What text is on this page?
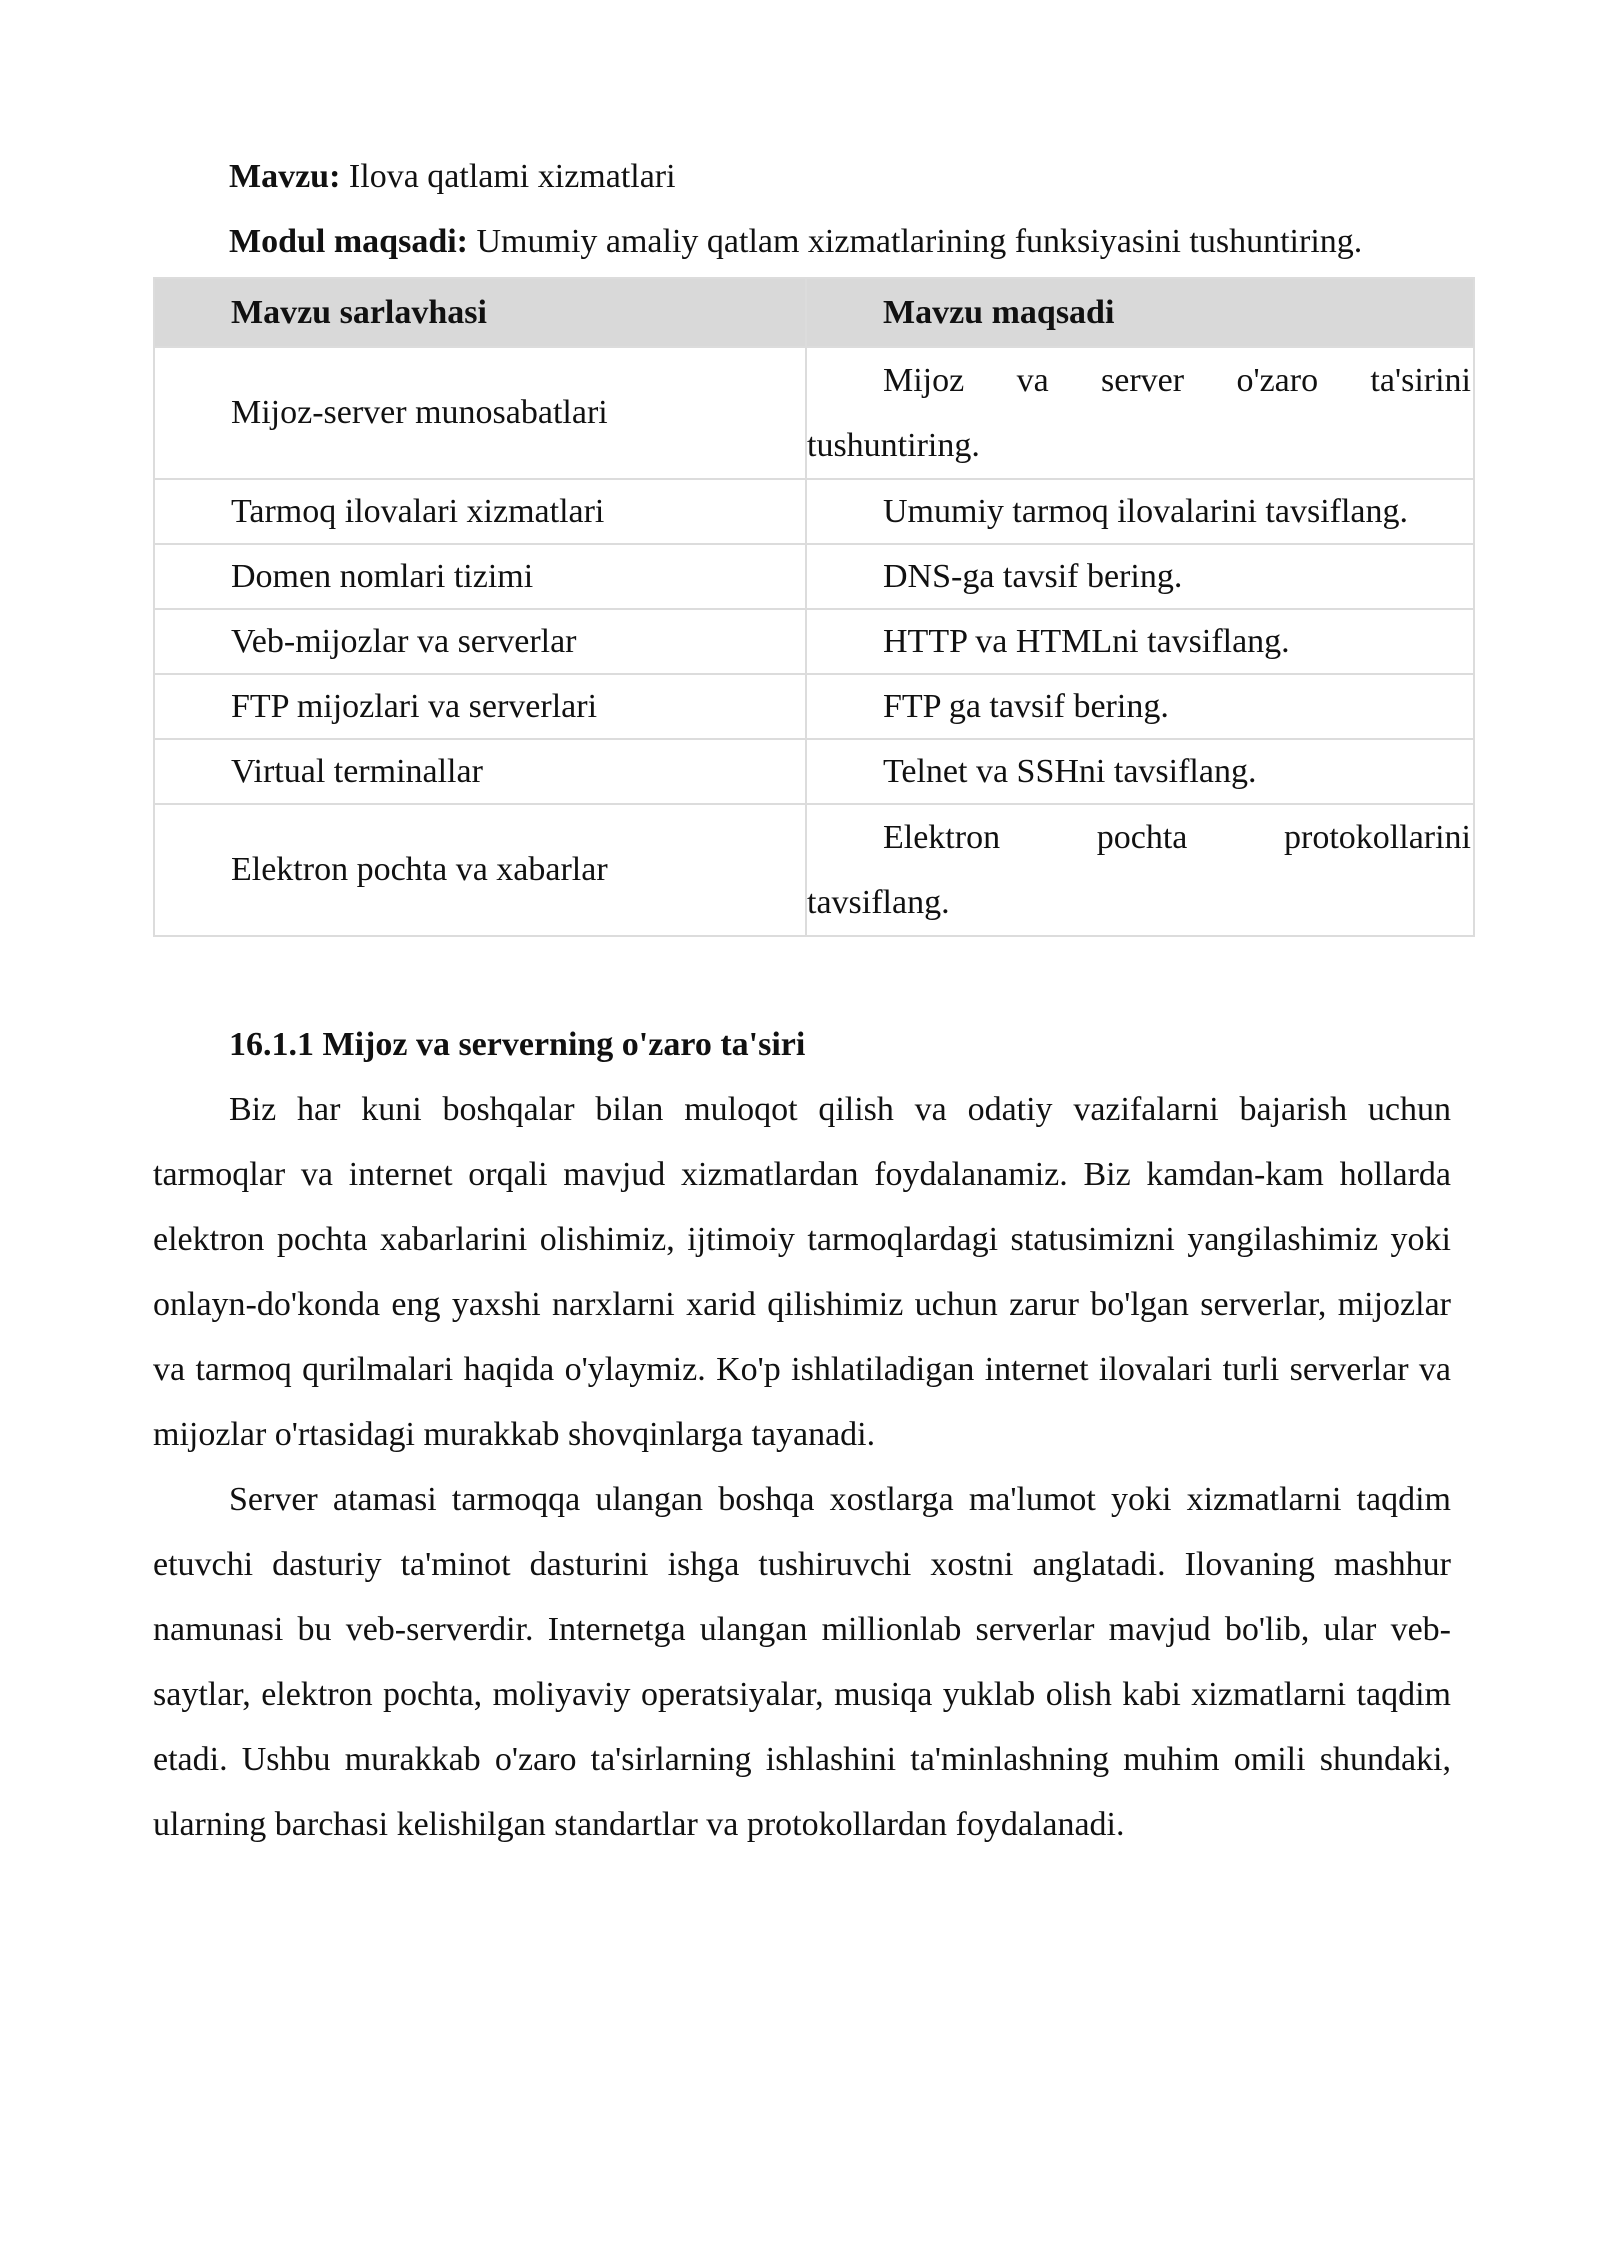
Mavzu: Ilova qatlami xizmatlari

Modul maqsadi: Umumiy amaliy qatlam xizmatlarining funksiyasini tushuntiring.

Mavzu sarlavhasi	Mavzu maqsadi

Mijoz-server munosabatlari	Mijoz va server o'zaro ta'sirini
tushuntiring.

Tarmoq ilovalari xizmatlari	Umumiy tarmoq ilovalarini tavsiflang.

Domen nomlari tizimi	DNS-ga tavsif bering.

Veb-mijozlar va serverlar	HTTP va HTMLni tavsiflang.

FTP mijozlari va serverlari	FTP ga tavsif bering.

Virtual terminallar	Telnet va SSHni tavsiflang.

Elektron pochta va xabarlar	Elektron pochta protokollarini
tavsiflang.
16.1.1 Mijoz va serverning o'zaro ta'siri

Biz har kuni boshqalar bilan muloqot qilish va odatiy vazifalarni bajarish uchun tarmoqlar va internet orqali mavjud xizmatlardan foydalanamiz. Biz kamdan-kam hollarda elektron pochta xabarlarini olishimiz, ijtimoiy tarmoqlardagi statusimizni yangilashimiz yoki onlayn-do'konda eng yaxshi narxlarni xarid qilishimiz uchun zarur bo'lgan serverlar, mijozlar va tarmoq qurilmalari haqida o'ylaymiz. Ko'p ishlatiladigan internet ilovalari turli serverlar va mijozlar o'rtasidagi murakkab shovqinlarga tayanadi.

Server atamasi tarmoqqa ulangan boshqa xostlarga ma'lumot yoki xizmatlarni taqdim etuvchi dasturiy ta'minot dasturini ishga tushiruvchi xostni anglatadi. Ilovaning mashhur namunasi bu veb-serverdir. Internetga ulangan millionlab serverlar mavjud bo'lib, ular veb-saytlar, elektron pochta, moliyaviy operatsiyalar, musiqa yuklab olish kabi xizmatlarni taqdim etadi. Ushbu murakkab o'zaro ta'sirlarning ishlashini ta'minlashning muhim omili shundaki, ularning barchasi kelishilgan standartlar va protokollardan foydalanadi.
